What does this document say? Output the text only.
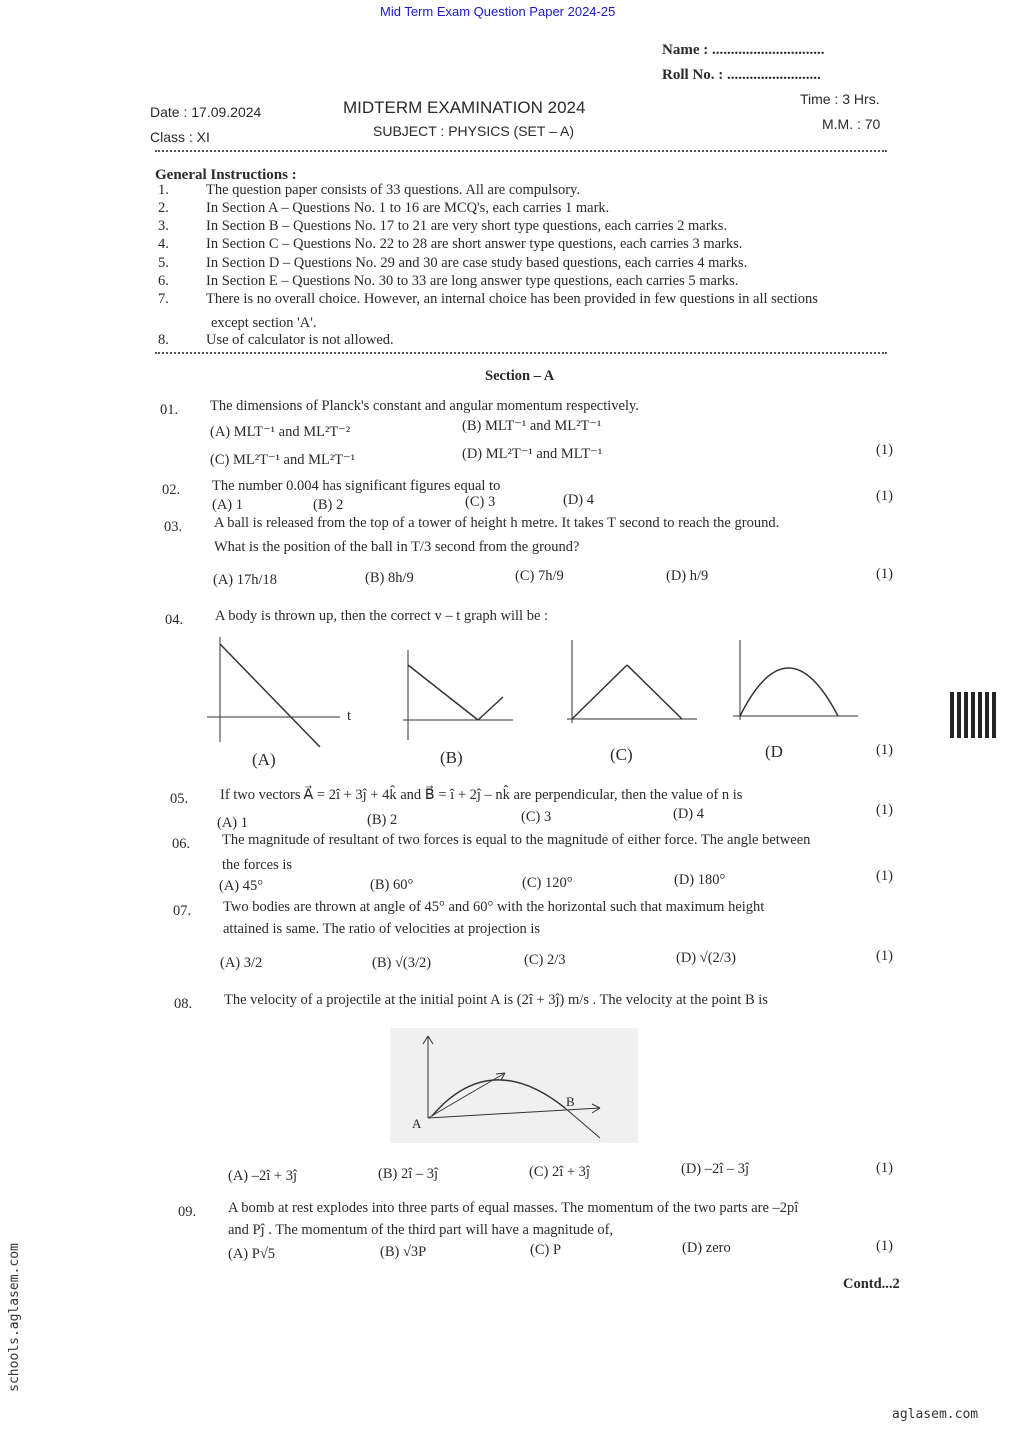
Mid Term Exam Question Paper 2024-25
Name : ..............................
Roll No. : .........................
Date : 17.09.2024
Class : XI
MIDTERM EXAMINATION 2024
SUBJECT : PHYSICS (SET – A)
Time : 3 Hrs.
M.M. : 70
General Instructions :
1.	The question paper consists of 33 questions. All are compulsory.
2.	In Section A – Questions No. 1 to 16 are MCQ's, each carries 1 mark.
3.	In Section B – Questions No. 17 to 21 are very short type questions, each carries 2 marks.
4.	In Section C – Questions No. 22 to 28 are short answer type questions, each carries 3 marks.
5.	In Section D – Questions No. 29 and 30 are case study based questions, each carries 4 marks.
6.	In Section E – Questions No. 30 to 33 are long answer type questions, each carries 5 marks.
7.	There is no overall choice. However, an internal choice has been provided in few questions in all sections
except section 'A'.
8.	Use of calculator is not allowed.
Section – A
01. The dimensions of Planck's constant and angular momentum respectively.
(A) MLT⁻¹ and ML²T⁻²	(B) MLT⁻¹ and ML²T⁻¹
(C) ML²T⁻¹ and ML²T⁻¹	(D) ML²T⁻¹ and MLT⁻¹	(1)
02. The number 0.004 has significant figures equal to
(A) 1	(B) 2	(C) 3	(D) 4	(1)
03. A ball is released from the top of a tower of height h metre. It takes T second to reach the ground.
What is the position of the ball in T/3 second from the ground?
(A) 17h/18	(B) 8h/9	(C) 7h/9	(D) h/9	(1)
04. A body is thrown up, then the correct v – t graph will be :
(A)	(B)	(C)	(D	(1)
05. If two vectors A⃗ = 2î + 3ĵ + 4k̂ and B⃗ = î + 2ĵ – nk̂ are perpendicular, then the value of n is
(A) 1	(B) 2	(C) 3	(D) 4	(1)
06. The magnitude of resultant of two forces is equal to the magnitude of either force. The angle between
the forces is
(A) 45°	(B) 60°	(C) 120°	(D) 180°	(1)
07. Two bodies are thrown at angle of 45° and 60° with the horizontal such that maximum height
attained is same. The ratio of velocities at projection is
(A) 3/2	(B) √(3/2)	(C) 2/3	(D) √(2/3)	(1)
08. The velocity of a projectile at the initial point A is (2î + 3ĵ) m/s . The velocity at the point B is
(A) –2î + 3ĵ	(B) 2î – 3ĵ	(C) 2î + 3ĵ	(D) –2î – 3ĵ	(1)
09. A bomb at rest explodes into three parts of equal masses. The momentum of the two parts are –2pî
and Pĵ . The momentum of the third part will have a magnitude of,
(A) P√5	(B) √3P	(C) P	(D) zero	(1)
t
A
B
Contd...2
schools.aglasem.com
aglasem.com
